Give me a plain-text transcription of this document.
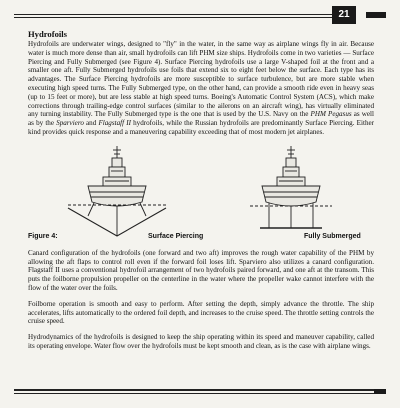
21
Hydrofoils

Hydrofoils are underwater wings, designed to "fly" in the water, in the same way as airplane wings fly in air. Because water is much more dense than air, small hydrofoils can lift PHM size ships. Hydrofoils come in two varieties — Surface Piercing and Fully Submerged (see Figure 4). Surface Piercing hydrofoils use a large V-shaped foil at the front and a smaller one aft. Fully Submerged hydrofoils use foils that extend six to eight feet below the surface. Each type has its advantages. The Surface Piercing hydrofoils are more susceptible to surface turbulence, but are more stable when executing high speed turns. The Fully Submerged type, on the other hand, can provide a smooth ride even in heavy seas (up to 15 feet or more), but are less stable at high speed turns. Boeing's Automatic Control System (ACS), which make corrections through trailing-edge control surfaces (similar to the ailerons on an aircraft wing), has virtually eliminated any turning instability. The Fully Submerged type is the one that is used by the U.S. Navy on the PHM Pegasus as well as by the Sparviero and Flagstaff II hydrofoils, while the Russian hydrofoils are predominantly Surface Piercing. Either kind provides quick response and a maneuvering capability exceeding that of most modern jet airplanes.

Figure 4:	Surface Piercing	Fully Submerged

Canard configuration of the hydrofoils (one forward and two aft) improves the rough water capability of the PHM by allowing the aft flaps to control roll even if the forward foil loses lift. Sparviero also utilizes a canard configuration. Flagstaff II uses a conventional hydrofoil arrangement of two hydrofoils paired forward, and one aft at the transom. This puts the foilborne propulsion propeller on the centerline in the water where the propeller wake cannot interfere with the flow of the water over the foils.

Foilborne operation is smooth and easy to perform. After setting the depth, simply advance the throttle. The ship accelerates, lifts automatically to the ordered foil depth, and increases to the cruise speed. The throttle setting controls the cruise speed.

Hydrodynamics of the hydrofoils is designed to keep the ship operating within its speed and maneuver capability, called its operating envelope. Water flow over the hydrofoils must be kept smooth and clean, as is the case with airplane wings.
